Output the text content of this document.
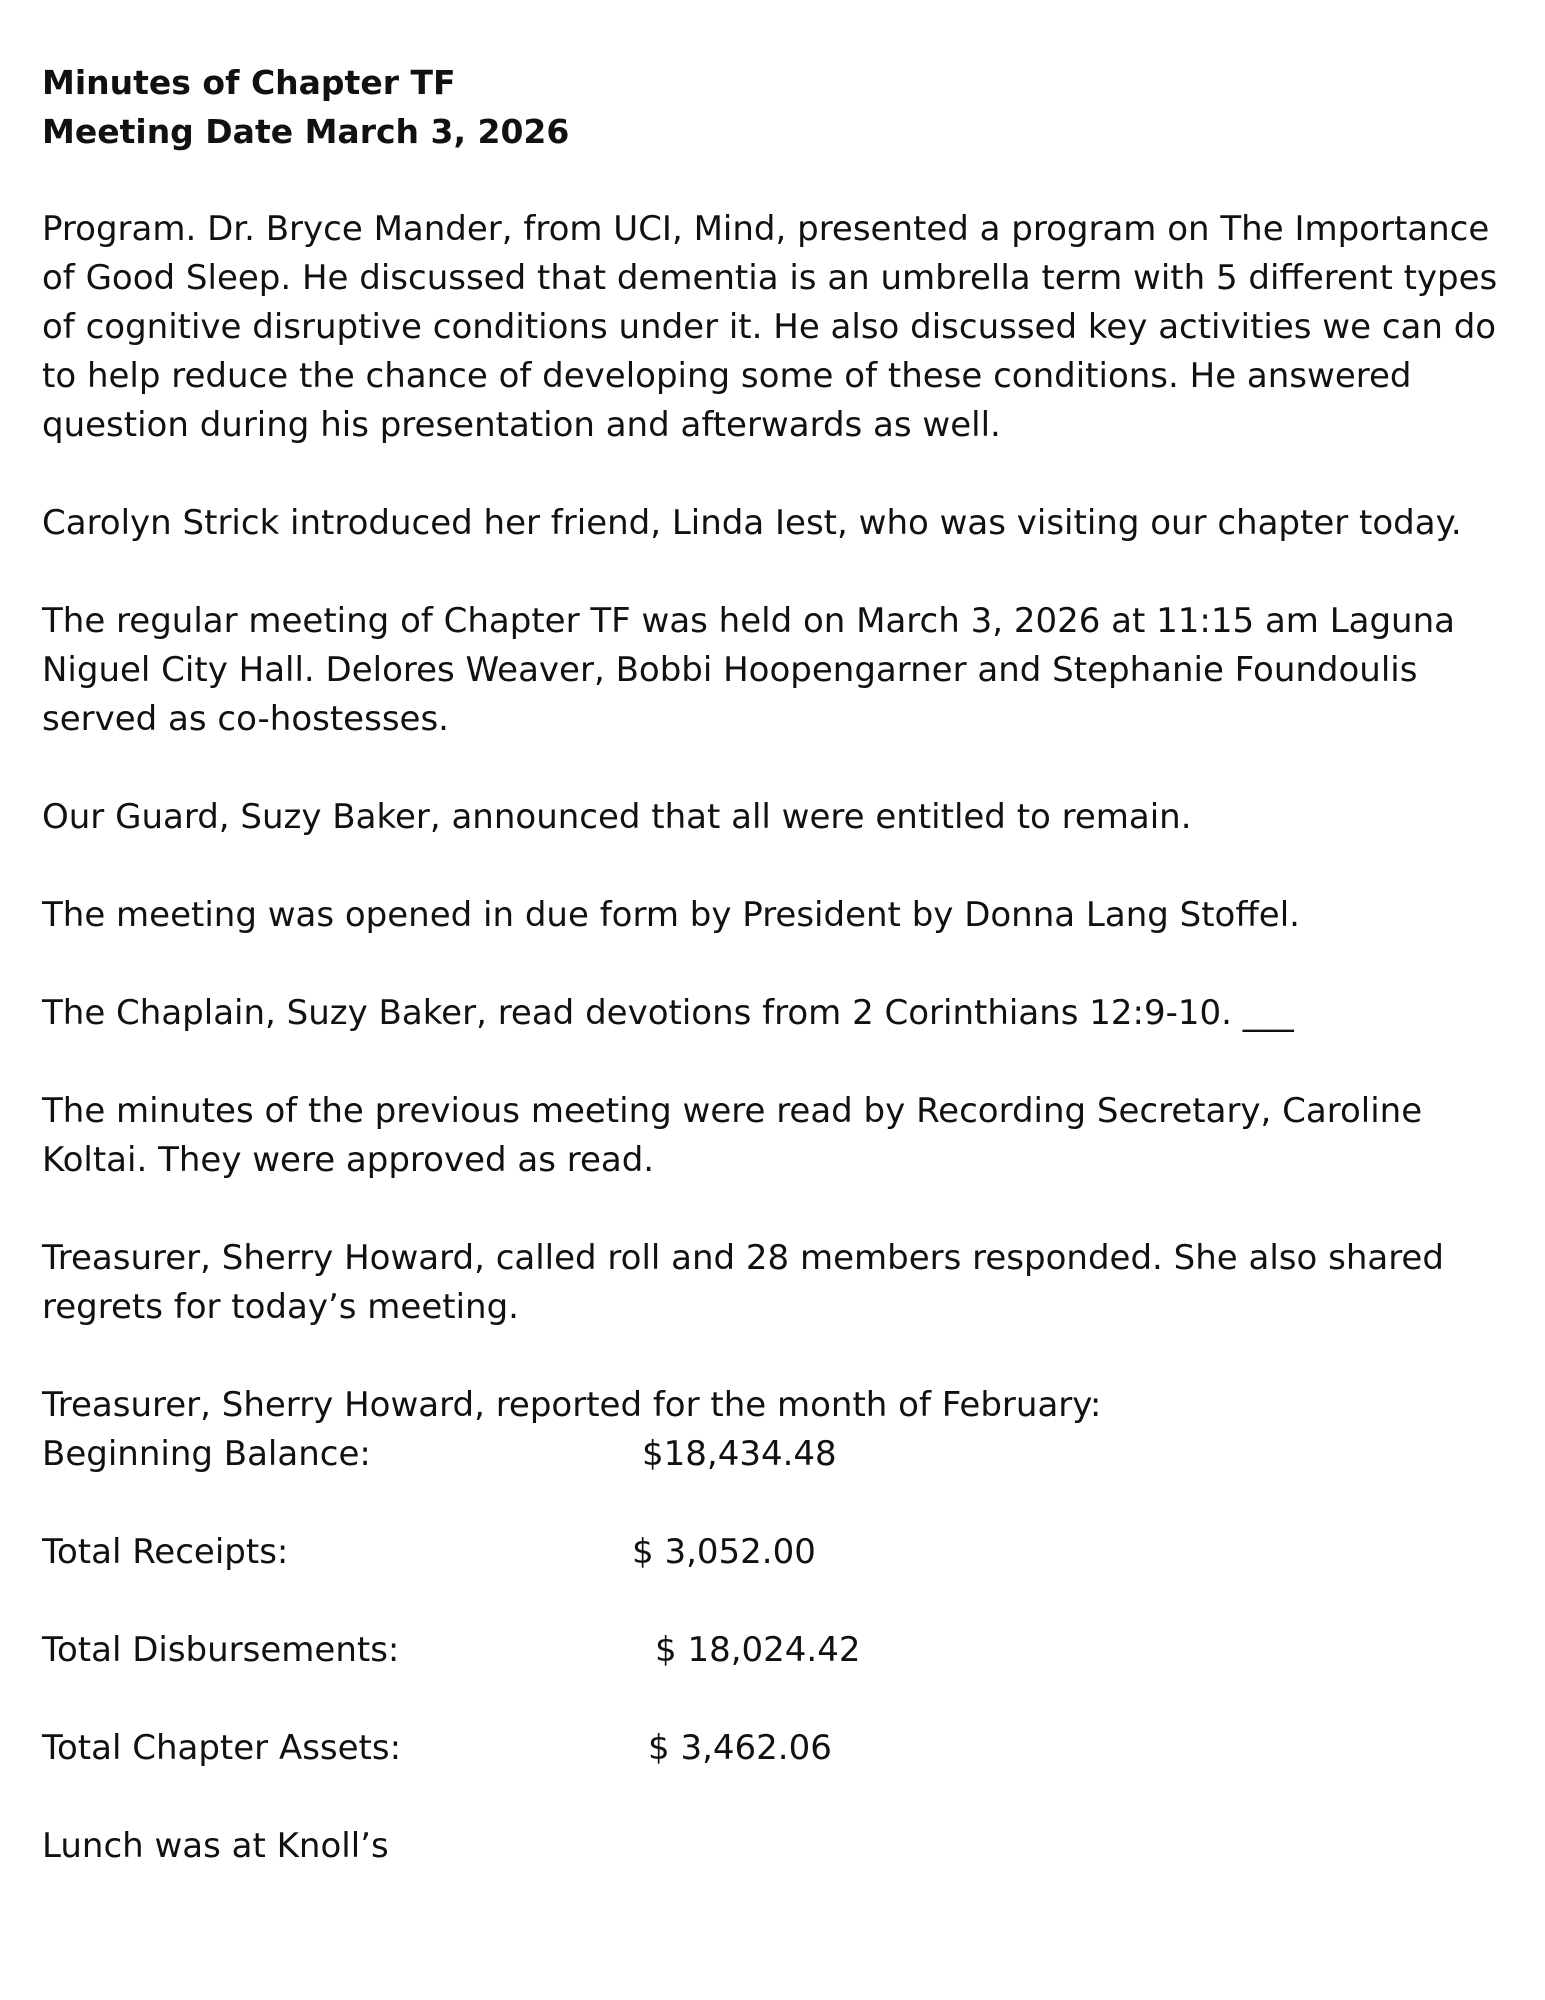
Minutes of Chapter TF

Meeting Date March 3, 2026

Program. Dr. Bryce Mander, from UCI, Mind, presented a program on The Importance of Good Sleep. He discussed that dementia is an umbrella term with 5 different types of cognitive disruptive conditions under it. He also discussed key activities we can do to help reduce the chance of developing some of these conditions. He answered question during his presentation and afterwards as well.

Carolyn Strick introduced her friend, Linda Iest, who was visiting our chapter today.

The regular meeting of Chapter TF was held on March 3, 2026 at 11:15 am Laguna Niguel City Hall. Delores Weaver, Bobbi Hoopengarner and Stephanie Foundoulis served as co-hostesses.

Our Guard, Suzy Baker, announced that all were entitled to remain.

The meeting was opened in due form by President by Donna Lang Stoffel.

The Chaplain, Suzy Baker, read devotions from 2 Corinthians 12:9-10. ___

The minutes of the previous meeting were read by Recording Secretary, Caroline Koltai. They were approved as read.

Treasurer, Sherry Howard, called roll and 28 members responded. She also shared regrets for today’s meeting.

Treasurer, Sherry Howard, reported for the month of February:

Beginning Balance:	$18,434.48
Total Receipts:	$ 3,052.00
Total Disbursements:	$ 18,024.42
Total Chapter Assets:	$ 3,462.06

Lunch was at Knoll’s
